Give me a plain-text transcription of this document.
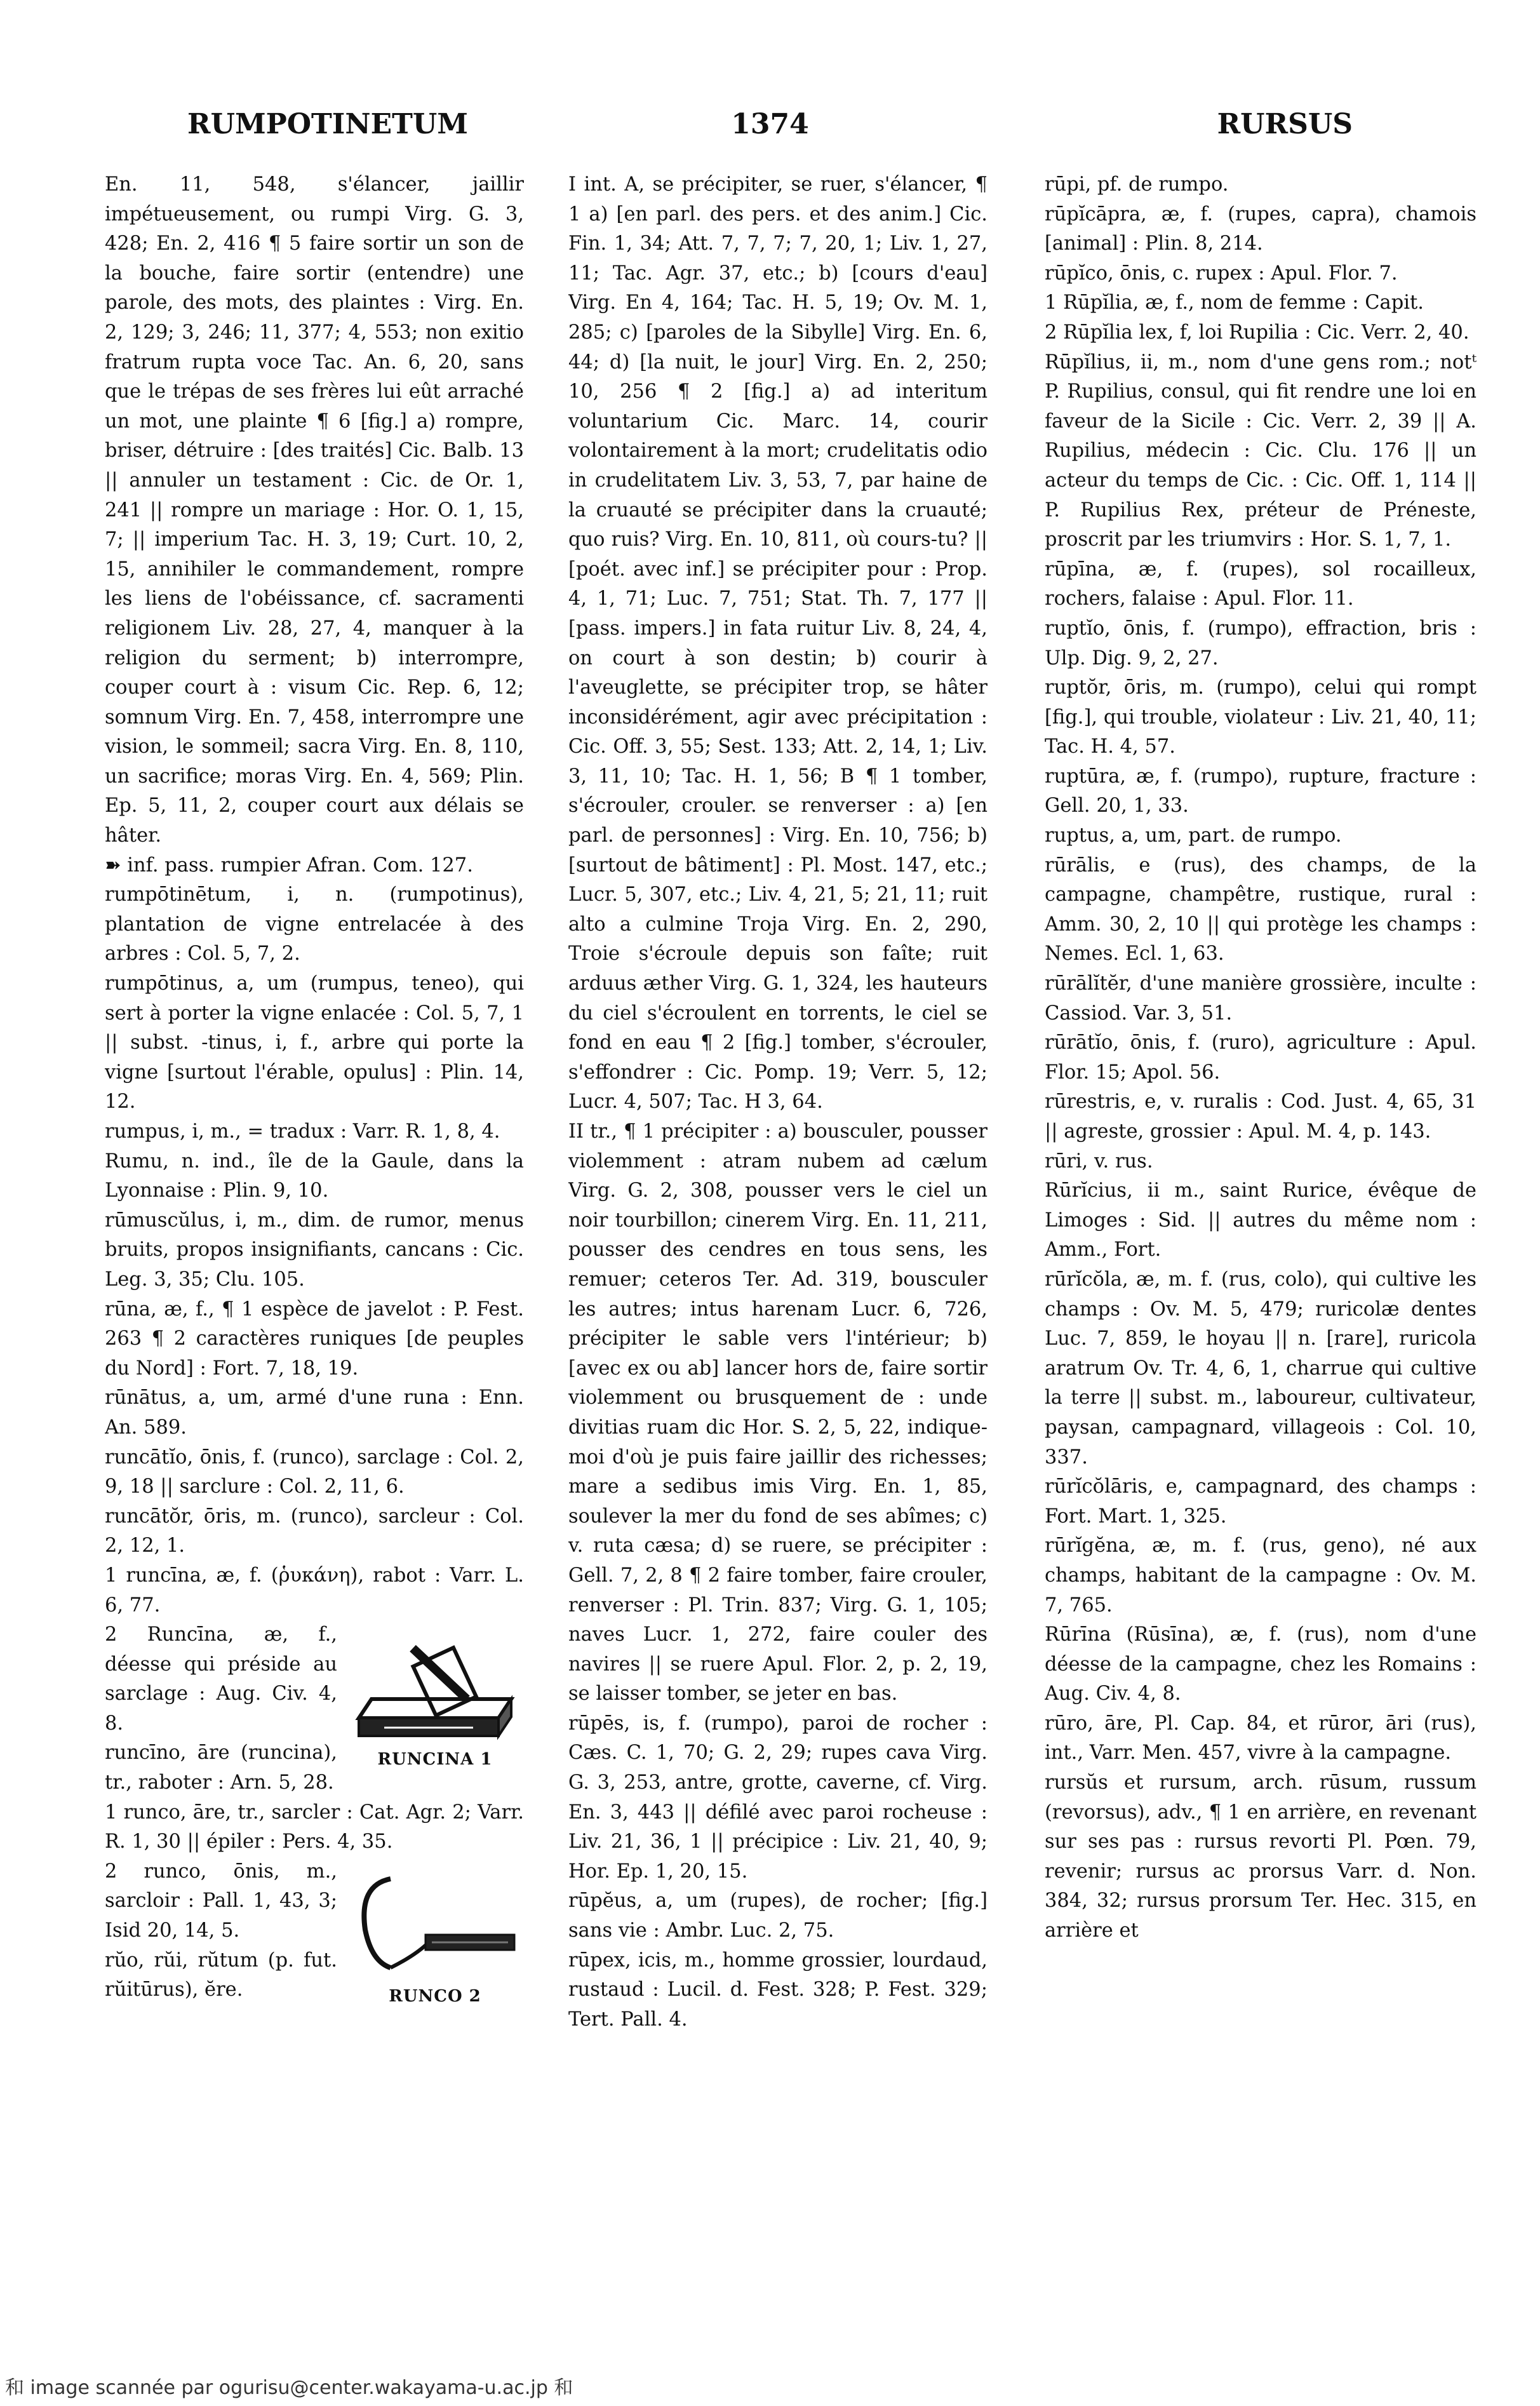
RUMPOTINETUM	1374	RURSUS

En. 11, 548, s'élancer, jaillir impétueusement, ou rumpi Virg. G. 3, 428; En. 2, 416 ¶ 5 faire sortir un son de la bouche, faire sortir (entendre) une parole, des mots, des plaintes : Virg. En. 2, 129; 3, 246; 11, 377; 4, 553; non exitio fratrum rupta voce Tac. An. 6, 20, sans que le trépas de ses frères lui eût arraché un mot, une plainte ¶ 6 [fig.] a) rompre, briser, détruire : [des traités] Cic. Balb. 13 || annuler un testament : Cic. de Or. 1, 241 || rompre un mariage : Hor. O. 1, 15, 7; || imperium Tac. H. 3, 19; Curt. 10, 2, 15, annihiler le commandement, rompre les liens de l'obéissance, cf. sacramenti religionem Liv. 28, 27, 4, manquer à la religion du serment; b) interrompre, couper court à : visum Cic. Rep. 6, 12; somnum Virg. En. 7, 458, interrompre une vision, le sommeil; sacra Virg. En. 8, 110, un sacrifice; moras Virg. En. 4, 569; Plin. Ep. 5, 11, 2, couper court aux délais se hâter.

➽ inf. pass. rumpier Afran. Com. 127.

rumpōtinētum, i, n. (rumpotinus), plantation de vigne entrelacée à des arbres : Col. 5, 7, 2.

rumpōtinus, a, um (rumpus, teneo), qui sert à porter la vigne enlacée : Col. 5, 7, 1 || subst. -tinus, i, f., arbre qui porte la vigne [surtout l'érable, opulus] : Plin. 14, 12.

rumpus, i, m., = tradux : Varr. R. 1, 8, 4.

Rumu, n. ind., île de la Gaule, dans la Lyonnaise : Plin. 9, 10.

rūmuscŭlus, i, m., dim. de rumor, menus bruits, propos insignifiants, cancans : Cic. Leg. 3, 35; Clu. 105.

rūna, æ, f., ¶ 1 espèce de javelot : P. Fest. 263 ¶ 2 caractères runiques [de peuples du Nord] : Fort. 7, 18, 19.

rūnātus, a, um, armé d'une runa : Enn. An. 589.

runcātĭo, ōnis, f. (runco), sarclage : Col. 2, 9, 18 || sarclure : Col. 2, 11, 6.

runcātŏr, ōris, m. (runco), sarcleur : Col. 2, 12, 1.

1 runcīna, æ, f. (ῥυκάνη), rabot : Varr. L. 6, 77.

RUNCINA 1

2 Runcīna, æ, f., déesse qui préside au sarclage : Aug. Civ. 4, 8.

runcīno, āre (runcina), tr., raboter : Arn. 5, 28.

1 runco, āre, tr., sarcler : Cat. Agr. 2; Varr. R. 1, 30 || épiler : Pers. 4, 35.

RUNCO 2

2 runco, ōnis, m., sarcloir : Pall. 1, 43, 3; Isid 20, 14, 5.

rŭo, rŭi, rŭtum (p. fut. rŭitūrus), ĕre.

I int. A, se précipiter, se ruer, s'élancer, ¶ 1 a) [en parl. des pers. et des anim.] Cic. Fin. 1, 34; Att. 7, 7, 7; 7, 20, 1; Liv. 1, 27, 11; Tac. Agr. 37, etc.; b) [cours d'eau] Virg. En 4, 164; Tac. H. 5, 19; Ov. M. 1, 285; c) [paroles de la Sibylle] Virg. En. 6, 44; d) [la nuit, le jour] Virg. En. 2, 250; 10, 256 ¶ 2 [fig.] a) ad interitum voluntarium Cic. Marc. 14, courir volontairement à la mort; crudelitatis odio in crudelitatem Liv. 3, 53, 7, par haine de la cruauté se précipiter dans la cruauté; quo ruis? Virg. En. 10, 811, où cours-tu? || [poét. avec inf.] se précipiter pour : Prop. 4, 1, 71; Luc. 7, 751; Stat. Th. 7, 177 || [pass. impers.] in fata ruitur Liv. 8, 24, 4, on court à son destin; b) courir à l'aveuglette, se précipiter trop, se hâter inconsidérément, agir avec précipitation : Cic. Off. 3, 55; Sest. 133; Att. 2, 14, 1; Liv. 3, 11, 10; Tac. H. 1, 56; B ¶ 1 tomber, s'écrouler, crouler. se renverser : a) [en parl. de personnes] : Virg. En. 10, 756; b) [surtout de bâtiment] : Pl. Most. 147, etc.; Lucr. 5, 307, etc.; Liv. 4, 21, 5; 21, 11; ruit alto a culmine Troja Virg. En. 2, 290, Troie s'écroule depuis son faîte; ruit arduus æther Virg. G. 1, 324, les hauteurs du ciel s'écroulent en torrents, le ciel se fond en eau ¶ 2 [fig.] tomber, s'écrouler, s'effondrer : Cic. Pomp. 19; Verr. 5, 12; Lucr. 4, 507; Tac. H 3, 64.

II tr., ¶ 1 précipiter : a) bousculer, pousser violemment : atram nubem ad cælum Virg. G. 2, 308, pousser vers le ciel un noir tourbillon; cinerem Virg. En. 11, 211, pousser des cendres en tous sens, les remuer; ceteros Ter. Ad. 319, bousculer les autres; intus harenam Lucr. 6, 726, précipiter le sable vers l'intérieur; b) [avec ex ou ab] lancer hors de, faire sortir violemment ou brusquement de : unde divitias ruam dic Hor. S. 2, 5, 22, indique-moi d'où je puis faire jaillir des richesses; mare a sedibus imis Virg. En. 1, 85, soulever la mer du fond de ses abîmes; c) v. ruta cæsa; d) se ruere, se précipiter : Gell. 7, 2, 8 ¶ 2 faire tomber, faire crouler, renverser : Pl. Trin. 837; Virg. G. 1, 105; naves Lucr. 1, 272, faire couler des navires || se ruere Apul. Flor. 2, p. 2, 19, se laisser tomber, se jeter en bas.

rūpēs, is, f. (rumpo), paroi de rocher : Cæs. C. 1, 70; G. 2, 29; rupes cava Virg. G. 3, 253, antre, grotte, caverne, cf. Virg. En. 3, 443 || défilé avec paroi rocheuse : Liv. 21, 36, 1 || précipice : Liv. 21, 40, 9; Hor. Ep. 1, 20, 15.

rūpĕus, a, um (rupes), de rocher; [fig.] sans vie : Ambr. Luc. 2, 75.

rūpex, icis, m., homme grossier, lourdaud, rustaud : Lucil. d. Fest. 328; P. Fest. 329; Tert. Pall. 4.

rūpi, pf. de rumpo.

rūpĭcāpra, æ, f. (rupes, capra), chamois [animal] : Plin. 8, 214.

rūpĭco, ōnis, c. rupex : Apul. Flor. 7.

1 Rūpĭlia, æ, f., nom de femme : Capit.

2 Rūpĭlia lex, f, loi Rupilia : Cic. Verr. 2, 40.

Rūpĭlius, ii, m., nom d'une gens rom.; notᵗ P. Rupilius, consul, qui fit rendre une loi en faveur de la Sicile : Cic. Verr. 2, 39 || A. Rupilius, médecin : Cic. Clu. 176 || un acteur du temps de Cic. : Cic. Off. 1, 114 || P. Rupilius Rex, préteur de Préneste, proscrit par les triumvirs : Hor. S. 1, 7, 1.

rūpīna, æ, f. (rupes), sol rocailleux, rochers, falaise : Apul. Flor. 11.

ruptĭo, ōnis, f. (rumpo), effraction, bris : Ulp. Dig. 9, 2, 27.

ruptŏr, ōris, m. (rumpo), celui qui rompt [fig.], qui trouble, violateur : Liv. 21, 40, 11; Tac. H. 4, 57.

ruptūra, æ, f. (rumpo), rupture, fracture : Gell. 20, 1, 33.

ruptus, a, um, part. de rumpo.

rūrālis, e (rus), des champs, de la campagne, champêtre, rustique, rural : Amm. 30, 2, 10 || qui protège les champs : Nemes. Ecl. 1, 63.

rūrālĭtĕr, d'une manière grossière, inculte : Cassiod. Var. 3, 51.

rūrātĭo, ōnis, f. (ruro), agriculture : Apul. Flor. 15; Apol. 56.

rūrestris, e, v. ruralis : Cod. Just. 4, 65, 31 || agreste, grossier : Apul. M. 4, p. 143.

rūri, v. rus.

Rūrĭcius, ii m., saint Rurice, évêque de Limoges : Sid. || autres du même nom : Amm., Fort.

rūrĭcŏla, æ, m. f. (rus, colo), qui cultive les champs : Ov. M. 5, 479; ruricolæ dentes Luc. 7, 859, le hoyau || n. [rare], ruricola aratrum Ov. Tr. 4, 6, 1, charrue qui cultive la terre || subst. m., laboureur, cultivateur, paysan, campagnard, villageois : Col. 10, 337.

rūrĭcŏlāris, e, campagnard, des champs : Fort. Mart. 1, 325.

rūrĭgĕna, æ, m. f. (rus, geno), né aux champs, habitant de la campagne : Ov. M. 7, 765.

Rūrīna (Rūsīna), æ, f. (rus), nom d'une déesse de la campagne, chez les Romains : Aug. Civ. 4, 8.

rūro, āre, Pl. Cap. 84, et rūror, āri (rus), int., Varr. Men. 457, vivre à la campagne.

rursŭs et rursum, arch. rūsum, russum (revorsus), adv., ¶ 1 en arrière, en revenant sur ses pas : rursus revorti Pl. Pœn. 79, revenir; rursus ac prorsus Varr. d. Non. 384, 32; rursus prorsum Ter. Hec. 315, en arrière et

和 image scannée par ogurisu@center.wakayama-u.ac.jp 和
